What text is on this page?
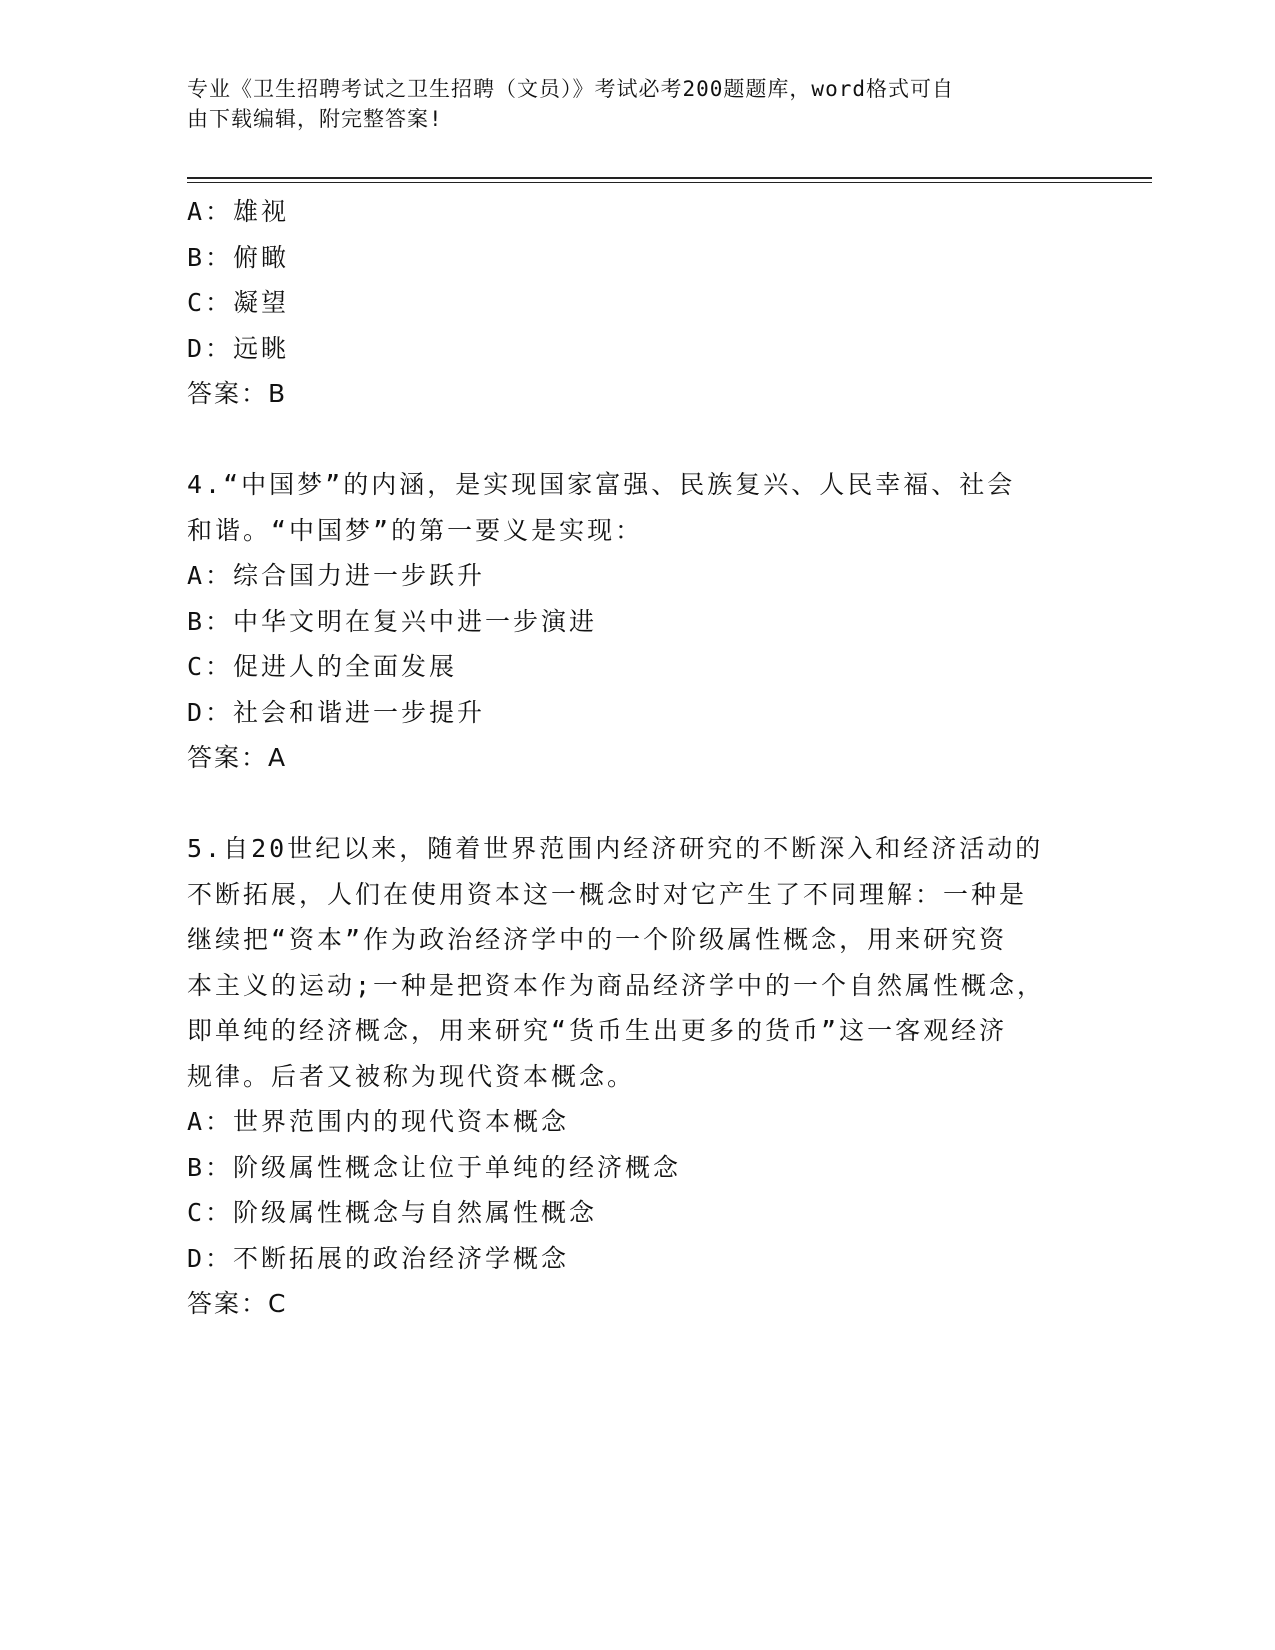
专业《卫生招聘考试之卫生招聘（文员）》考试必考200题题库，word格式可自
由下载编辑，附完整答案!
A：雄视
B：俯瞰
C：凝望
D：远眺
答案：B
4.“中国梦”的内涵，是实现国家富强、民族复兴、人民幸福、社会
和谐。“中国梦”的第一要义是实现：
A：综合国力进一步跃升
B：中华文明在复兴中进一步演进
C：促进人的全面发展
D：社会和谐进一步提升
答案：A
5.自20世纪以来，随着世界范围内经济研究的不断深入和经济活动的
不断拓展，人们在使用资本这一概念时对它产生了不同理解：一种是
继续把“资本”作为政治经济学中的一个阶级属性概念，用来研究资
本主义的运动;一种是把资本作为商品经济学中的一个自然属性概念，
即单纯的经济概念，用来研究“货币生出更多的货币”这一客观经济
规律。后者又被称为现代资本概念。
A：世界范围内的现代资本概念
B：阶级属性概念让位于单纯的经济概念
C：阶级属性概念与自然属性概念
D：不断拓展的政治经济学概念
答案：C
